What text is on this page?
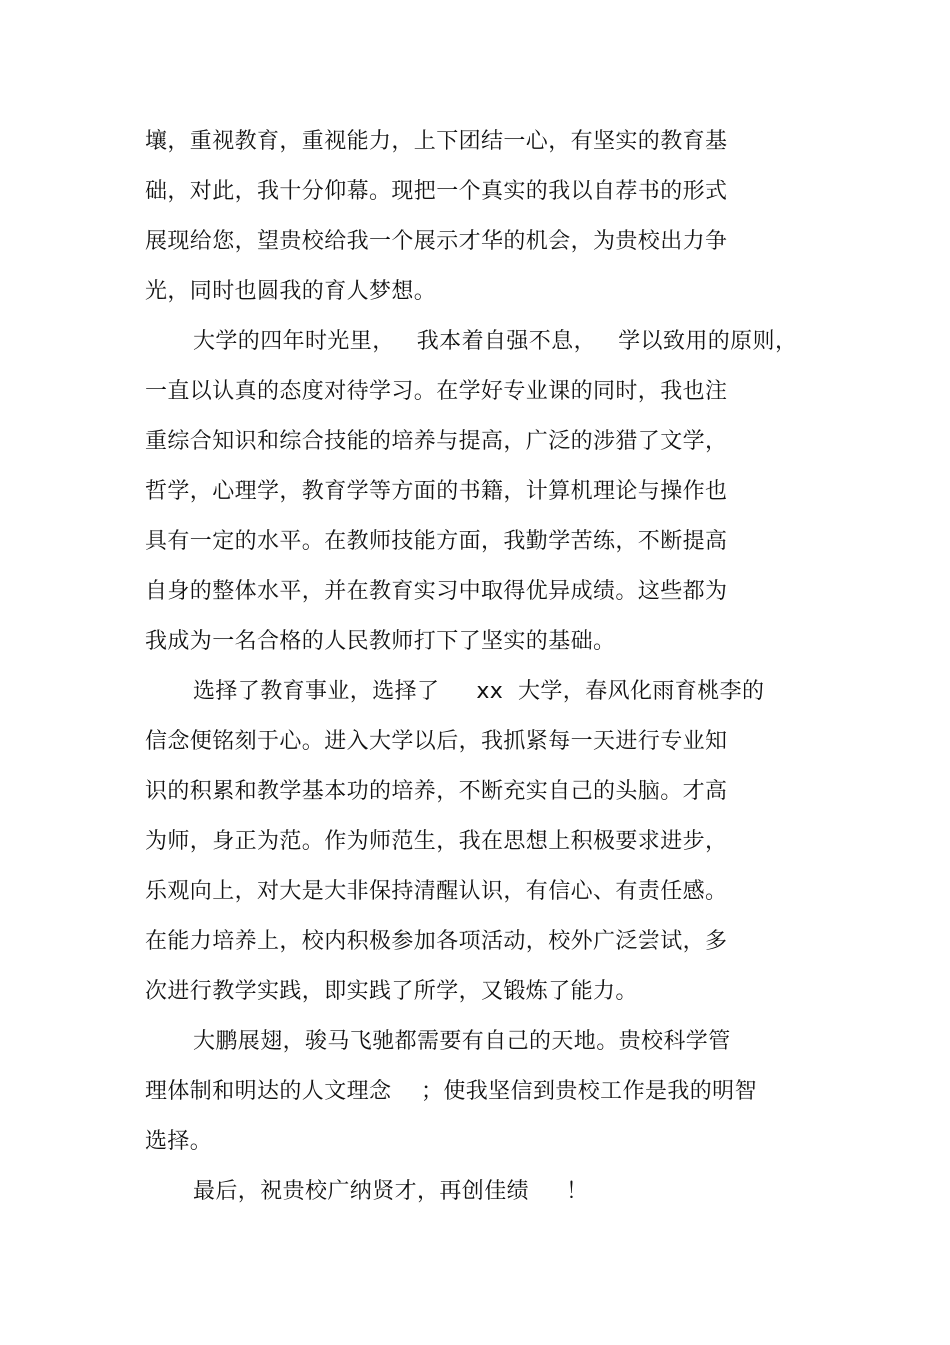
壤，重视教育，重视能力，上下团结一心，有坚实的教育基
础，对此，我十分仰幕。现把一个真实的我以自荐书的形式
展现给您，望贵校给我一个展示才华的机会，为贵校出力争
光，同时也圆我的育人梦想。
大学的四年时光里，   我本着自强不息，   学以致用的原则，
一直以认真的态度对待学习。在学好专业课的同时，我也注
重综合知识和综合技能的培养与提高，广泛的涉猎了文学，
哲学，心理学，教育学等方面的书籍，计算机理论与操作也
具有一定的水平。在教师技能方面，我勤学苦练，不断提高
自身的整体水平，并在教育实习中取得优异成绩。这些都为
我成为一名合格的人民教师打下了坚实的基础。
选择了教育事业，选择了     xx  大学，春风化雨育桃李的
信念便铭刻于心。进入大学以后，我抓紧每一天进行专业知
识的积累和教学基本功的培养，不断充实自己的头脑。才高
为师，身正为范。作为师范生，我在思想上积极要求进步，
乐观向上，对大是大非保持清醒认识，有信心、有责任感。
在能力培养上，校内积极参加各项活动，校外广泛尝试，多
次进行教学实践，即实践了所学，又锻炼了能力。
大鹏展翅，骏马飞驰都需要有自己的天地。贵校科学管
理体制和明达的人文理念    ；使我坚信到贵校工作是我的明智
选择。
最后，祝贵校广纳贤才，再创佳绩     ！
